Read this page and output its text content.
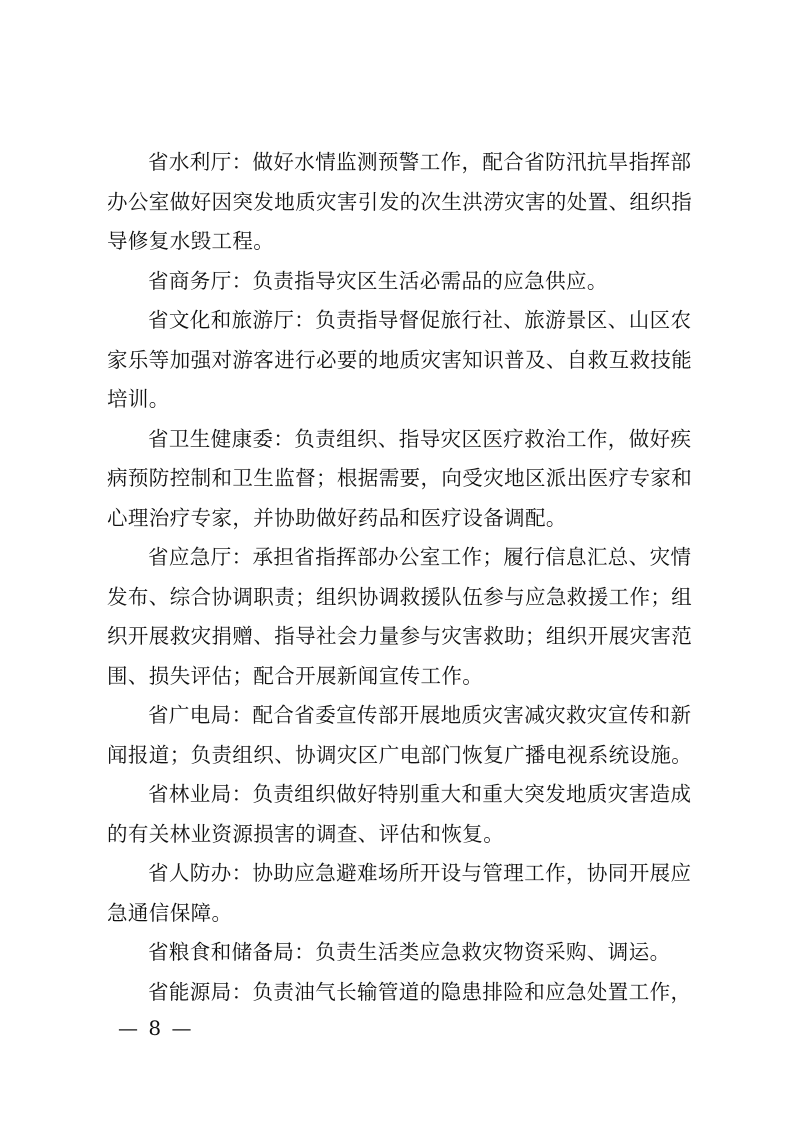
省水利厅：做好水情监测预警工作，配合省防汛抗旱指挥部
办公室做好因突发地质灾害引发的次生洪涝灾害的处置、组织指
导修复水毁工程。

省商务厅：负责指导灾区生活必需品的应急供应。

省文化和旅游厅：负责指导督促旅行社、旅游景区、山区农
家乐等加强对游客进行必要的地质灾害知识普及、自救互救技能
培训。

省卫生健康委：负责组织、指导灾区医疗救治工作，做好疾
病预防控制和卫生监督；根据需要，向受灾地区派出医疗专家和
心理治疗专家，并协助做好药品和医疗设备调配。

省应急厅：承担省指挥部办公室工作；履行信息汇总、灾情
发布、综合协调职责；组织协调救援队伍参与应急救援工作；组
织开展救灾捐赠、指导社会力量参与灾害救助；组织开展灾害范
围、损失评估；配合开展新闻宣传工作。

省广电局：配合省委宣传部开展地质灾害减灾救灾宣传和新
闻报道；负责组织、协调灾区广电部门恢复广播电视系统设施。

省林业局：负责组织做好特别重大和重大突发地质灾害造成
的有关林业资源损害的调查、评估和恢复。

省人防办：协助应急避难场所开设与管理工作，协同开展应
急通信保障。

省粮食和储备局：负责生活类应急救灾物资采购、调运。

省能源局：负责油气长输管道的隐患排险和应急处置工作，

— 8 —
